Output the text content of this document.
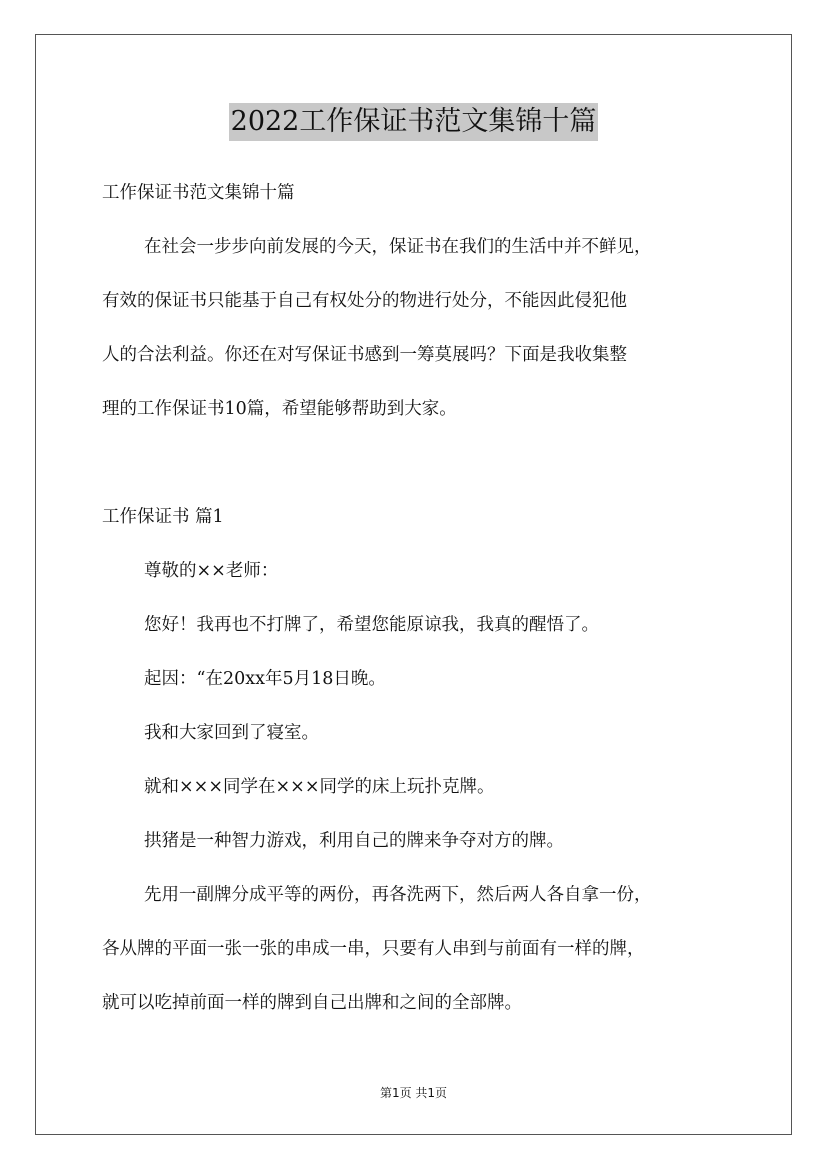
2022工作保证书范文集锦十篇
工作保证书范文集锦十篇
在社会一步步向前发展的今天，保证书在我们的生活中并不鲜见，
有效的保证书只能基于自己有权处分的物进行处分，不能因此侵犯他
人的合法利益。你还在对写保证书感到一筹莫展吗？下面是我收集整
理的工作保证书10篇，希望能够帮助到大家。
工作保证书 篇1
尊敬的××老师：
您好！我再也不打牌了，希望您能原谅我，我真的醒悟了。
起因：“在20xx年5月18日晚。
我和大家回到了寝室。
就和×××同学在×××同学的床上玩扑克牌。
拱猪是一种智力游戏，利用自己的牌来争夺对方的牌。
先用一副牌分成平等的两份，再各洗两下，然后两人各自拿一份，
各从牌的平面一张一张的串成一串，只要有人串到与前面有一样的牌，
就可以吃掉前面一样的牌到自己出牌和之间的全部牌。
第1页 共1页
